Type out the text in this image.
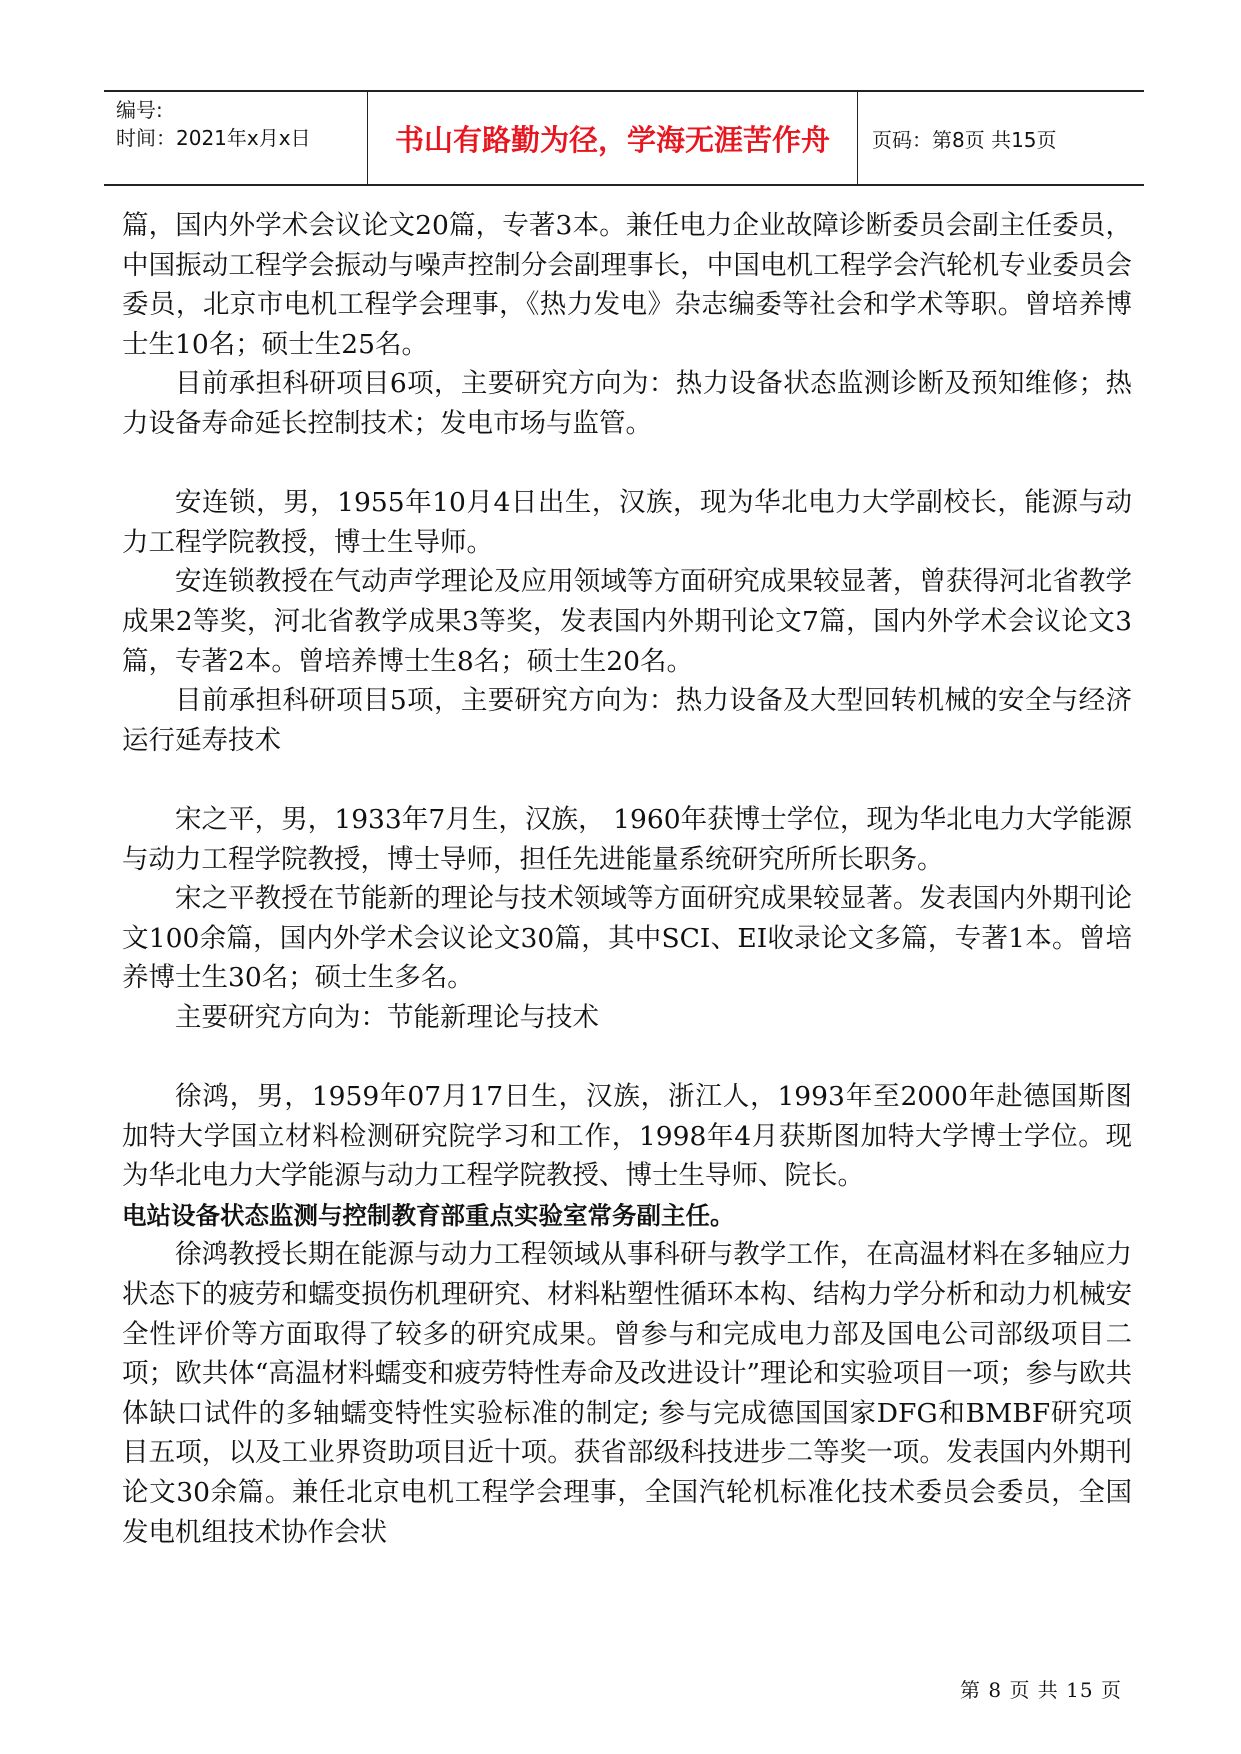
编号:
时间：2021年x月x日	书山有路勤为径，学海无涯苦作舟	页码：第8页 共15页

篇，国内外学术会议论文20篇，专著3本。兼任电力企业故障诊断委员会副主任委员，中国振动工程学会振动与噪声控制分会副理事长，中国电机工程学会汽轮机专业委员会委员，北京市电机工程学会理事，《热力发电》杂志编委等社会和学术等职。曾培养博士生10名；硕士生25名。

目前承担科研项目6项，主要研究方向为：热力设备状态监测诊断及预知维修；热力设备寿命延长控制技术；发电市场与监管。

安连锁，男，1955年10月4日出生，汉族，现为华北电力大学副校长，能源与动力工程学院教授，博士生导师。

安连锁教授在气动声学理论及应用领域等方面研究成果较显著，曾获得河北省教学成果2等奖，河北省教学成果3等奖，发表国内外期刊论文7篇，国内外学术会议论文3篇，专著2本。曾培养博士生8名；硕士生20名。

目前承担科研项目5项，主要研究方向为：热力设备及大型回转机械的安全与经济运行延寿技术

宋之平，男，1933年7月生，汉族， 1960年获博士学位，现为华北电力大学能源与动力工程学院教授，博士导师，担任先进能量系统研究所所长职务。

宋之平教授在节能新的理论与技术领域等方面研究成果较显著。发表国内外期刊论文100余篇，国内外学术会议论文30篇，其中SCI、EI收录论文多篇，专著1本。曾培养博士生30名；硕士生多名。

主要研究方向为：节能新理论与技术

徐鸿，男，1959年07月17日生，汉族，浙江人，1993年至2000年赴德国斯图加特大学国立材料检测研究院学习和工作，1998年4月获斯图加特大学博士学位。现为华北电力大学能源与动力工程学院教授、博士生导师、院长。

电站设备状态监测与控制教育部重点实验室常务副主任。

徐鸿教授长期在能源与动力工程领域从事科研与教学工作，在高温材料在多轴应力状态下的疲劳和蠕变损伤机理研究、材料粘塑性循环本构、结构力学分析和动力机械安全性评价等方面取得了较多的研究成果。曾参与和完成电力部及国电公司部级项目二项；欧共体“高温材料蠕变和疲劳特性寿命及改进设计”理论和实验项目一项；参与欧共体缺口试件的多轴蠕变特性实验标准的制定; 参与完成德国国家DFG和BMBF研究项目五项，以及工业界资助项目近十项。获省部级科技进步二等奖一项。发表国内外期刊论文30余篇。兼任北京电机工程学会理事，全国汽轮机标准化技术委员会委员，全国发电机组技术协作会状

第 8 页 共 15 页
